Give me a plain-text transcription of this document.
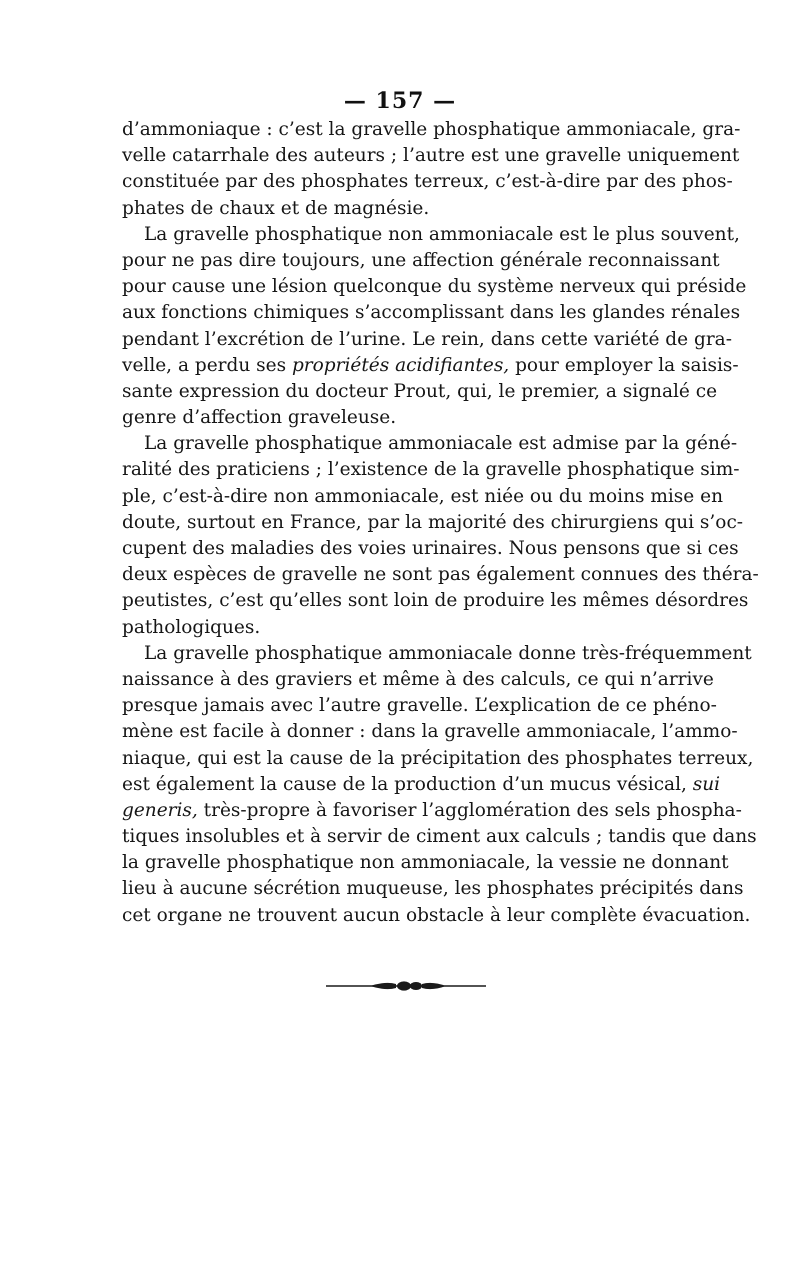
— 157 —
d’ammoniaque : c’est la gravelle phosphatique ammoniacale, gra-
velle catarrhale des auteurs ; l’autre est une gravelle uniquement
constituée par des phosphates terreux, c’est-à-dire par des phos-
phates de chaux et de magnésie.
La gravelle phosphatique non ammoniacale est le plus souvent,
pour ne pas dire toujours, une affection générale reconnaissant
pour cause une lésion quelconque du système nerveux qui préside
aux fonctions chimiques s’accomplissant dans les glandes rénales
pendant l’excrétion de l’urine. Le rein, dans cette variété de gra-
velle, a perdu ses propriétés acidifiantes, pour employer la saisis-
sante expression du docteur Prout, qui, le premier, a signalé ce
genre d’affection graveleuse.
La gravelle phosphatique ammoniacale est admise par la géné-
ralité des praticiens ; l’existence de la gravelle phosphatique sim-
ple, c’est-à-dire non ammoniacale, est niée ou du moins mise en
doute, surtout en France, par la majorité des chirurgiens qui s’oc-
cupent des maladies des voies urinaires. Nous pensons que si ces
deux espèces de gravelle ne sont pas également connues des théra-
peutistes, c’est qu’elles sont loin de produire les mêmes désordres
pathologiques.
La gravelle phosphatique ammoniacale donne très-fréquemment
naissance à des graviers et même à des calculs, ce qui n’arrive
presque jamais avec l’autre gravelle. L’explication de ce phéno-
mène est facile à donner : dans la gravelle ammoniacale, l’ammo-
niaque, qui est la cause de la précipitation des phosphates terreux,
est également la cause de la production d’un mucus vésical, sui
generis, très-propre à favoriser l’agglomération des sels phospha-
tiques insolubles et à servir de ciment aux calculs ; tandis que dans
la gravelle phosphatique non ammoniacale, la vessie ne donnant
lieu à aucune sécrétion muqueuse, les phosphates précipités dans
cet organe ne trouvent aucun obstacle à leur complète évacuation.
